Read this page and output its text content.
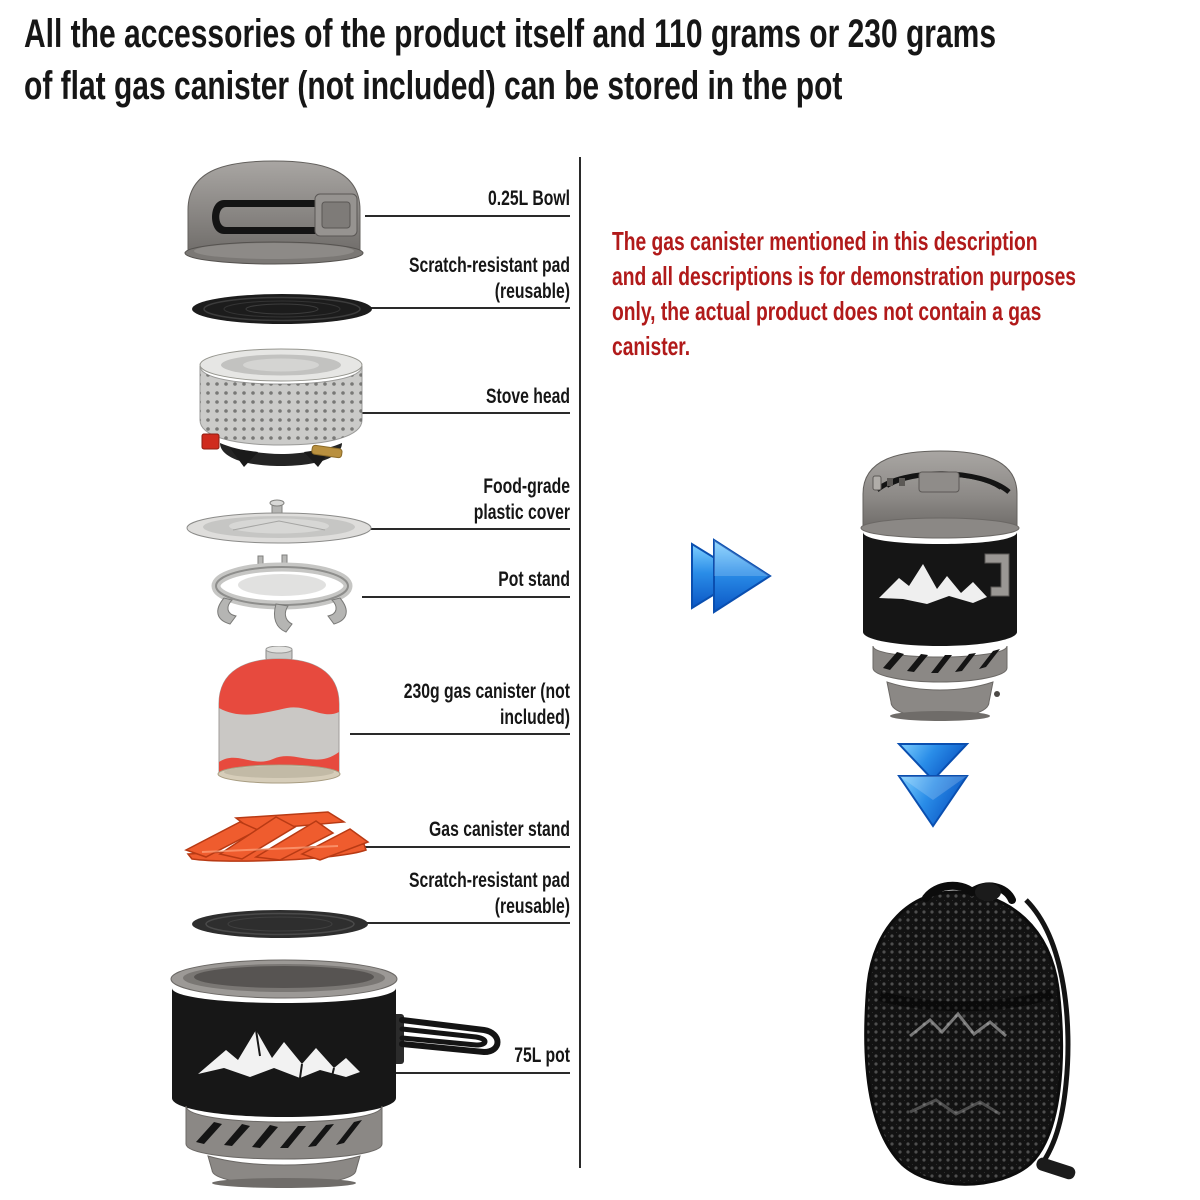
All the accessories of the product itself and 110 grams or 230 grams
of flat gas canister (not included) can be stored in the pot
The gas canister mentioned in this description
and all descriptions is for demonstration purposes
only, the actual product does not contain a gas
canister.
0.25L Bowl
Scratch-resistant pad (reusable)
Stove head
Food-grade plastic cover
Pot stand
230g gas canister (not included)
Gas canister stand
Scratch-resistant pad (reusable)
75L pot
